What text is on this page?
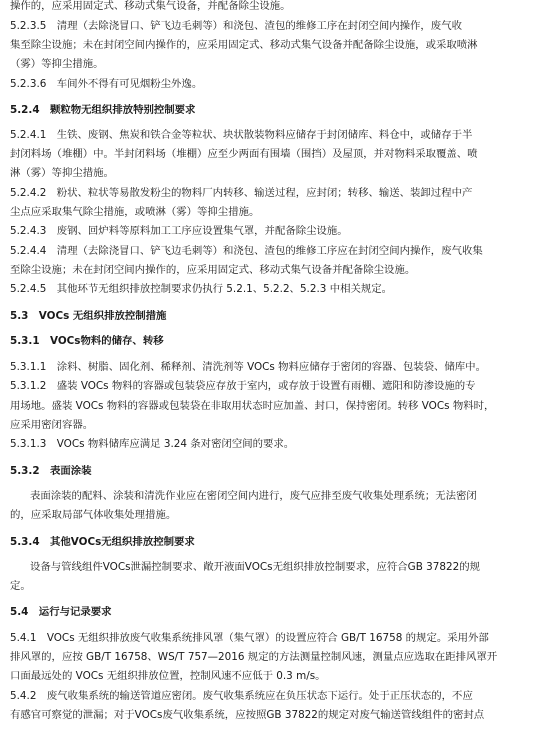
操作的，应采用固定式、移动式集气设备，并配备除尘设施。
5.2.3.5　清理（去除浇冒口、铲飞边毛刺等）和浇包、渣包的维修工序在封闭空间内操作，废气收
集至除尘设施；未在封闭空间内操作的，应采用固定式、移动式集气设备并配备除尘设施，或采取喷淋
（雾）等抑尘措施。
5.2.3.6　车间外不得有可见烟粉尘外逸。
5.2.4　颗粒物无组织排放特别控制要求
5.2.4.1　生铁、废钢、焦炭和铁合金等粒状、块状散装物料应储存于封闭储库、料仓中，或储存于半
封闭料场（堆棚）中。半封闭料场（堆棚）应至少两面有围墙（围挡）及屋顶，并对物料采取覆盖、喷
淋（雾）等抑尘措施。
5.2.4.2　粉状、粒状等易散发粉尘的物料厂内转移、输送过程，应封闭；转移、输送、装卸过程中产
尘点应采取集气除尘措施，或喷淋（雾）等抑尘措施。
5.2.4.3　废钢、回炉料等原料加工工序应设置集气罩，并配备除尘设施。
5.2.4.4　清理（去除浇冒口、铲飞边毛刺等）和浇包、渣包的维修工序应在封闭空间内操作，废气收集
至除尘设施；未在封闭空间内操作的，应采用固定式、移动式集气设备并配备除尘设施。
5.2.4.5　其他环节无组织排放控制要求仍执行 5.2.1、5.2.2、5.2.3 中相关规定。
5.3　VOCs 无组织排放控制措施
5.3.1　VOCs物料的储存、转移
5.3.1.1　涂料、树脂、固化剂、稀释剂、清洗剂等 VOCs 物料应储存于密闭的容器、包装袋、储库中。
5.3.1.2　盛装 VOCs 物料的容器或包装袋应存放于室内，或存放于设置有雨棚、遮阳和防渗设施的专
用场地。盛装 VOCs 物料的容器或包装袋在非取用状态时应加盖、封口，保持密闭。转移 VOCs 物料时，
应采用密闭容器。
5.3.1.3　VOCs 物料储库应满足 3.24 条对密闭空间的要求。
5.3.2　表面涂装
表面涂装的配料、涂装和清洗作业应在密闭空间内进行，废气应排至废气收集处理系统；无法密闭
的，应采取局部气体收集处理措施。
5.3.4　其他VOCs无组织排放控制要求
设备与管线组件VOCs泄漏控制要求、敞开液面VOCs无组织排放控制要求，应符合GB 37822的规
定。
5.4　运行与记录要求
5.4.1　VOCs 无组织排放废气收集系统排风罩（集气罩）的设置应符合 GB/T 16758 的规定。采用外部
排风罩的，应按 GB/T 16758、WS/T 757—2016 规定的方法测量控制风速，测量点应选取在距排风罩开
口面最远处的 VOCs 无组织排放位置，控制风速不应低于 0.3 m/s。
5.4.2　废气收集系统的输送管道应密闭。废气收集系统应在负压状态下运行。处于正压状态的，不应
有感官可察觉的泄漏；对于VOCs废气收集系统，应按照GB 37822的规定对废气输送管线组件的密封点
